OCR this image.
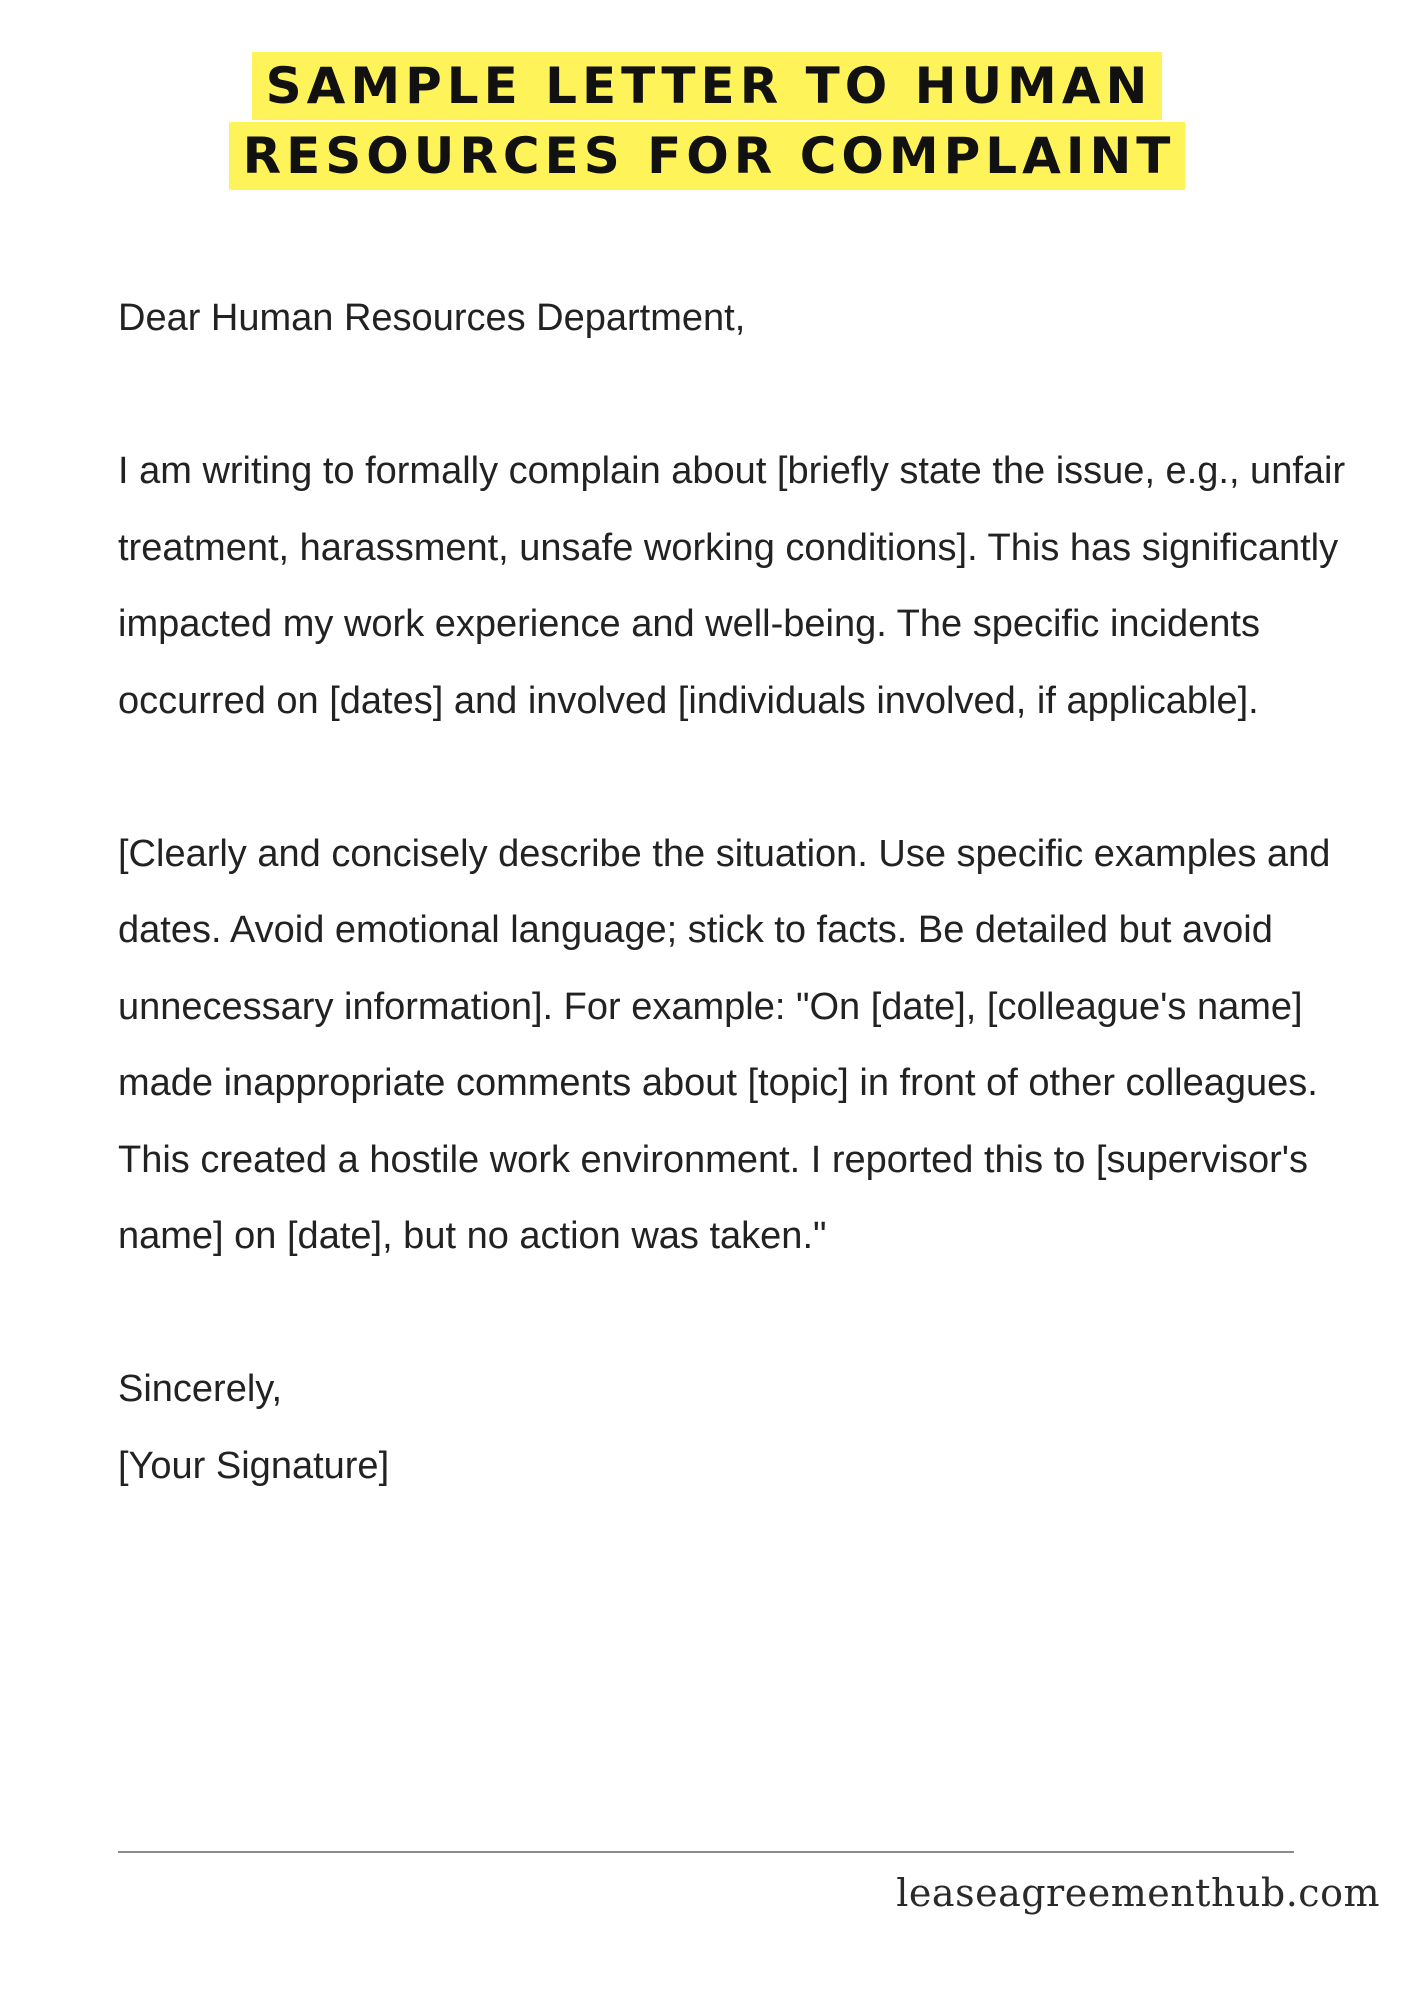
SAMPLE LETTER TO HUMAN
RESOURCES FOR COMPLAINT

Dear Human Resources Department,

I am writing to formally complain about [briefly state the issue, e.g., unfair treatment, harassment, unsafe working conditions]. This has significantly impacted my work experience and well-being. The specific incidents occurred on [dates] and involved [individuals involved, if applicable].

[Clearly and concisely describe the situation. Use specific examples and dates. Avoid emotional language; stick to facts. Be detailed but avoid unnecessary information]. For example: "On [date], [colleague's name] made inappropriate comments about [topic] in front of other colleagues. This created a hostile work environment. I reported this to [supervisor's name] on [date], but no action was taken."

Sincerely,

[Your Signature]

leaseagreementhub.com
